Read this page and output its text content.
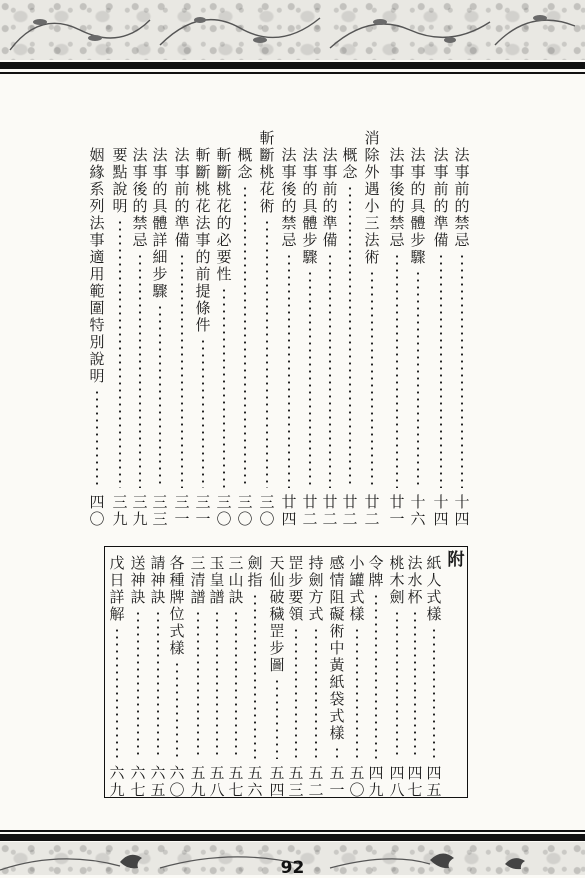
法事前的禁忌
十四
法事前的準備
十四
法事的具體步驟
十六
法事後的禁忌
廿一
消
除外遇小三法術
廿二
概念
廿二
法事前的準備
廿二
法事的具體步驟
廿二
法事後的禁忌
廿四
斬
斷桃花術
三〇
概念
三〇
斬斷桃花的必要性
三〇
斬斷桃花法事的前提條件
三一
法事前的準備
三一
法事的具體詳細步驟
三三
法事後的禁忌
三九
要點說明
三九
姻緣系列法事適用範圍特別說明
四〇
附
紙人式樣
四五
法水杯
四七
桃木劍
四八
令牌
四九
小罐式樣
五〇
感情阻礙術中黃紙袋式樣
五一
持劍方式
五二
罡步要領
五三
天仙破穢罡步圖
五四
劍指
五六
三山訣
五七
玉皇譜
五八
三清譜
五九
各種牌位式樣
六〇
請神訣
六五
送神訣
六七
戊日詳解
六九
92
